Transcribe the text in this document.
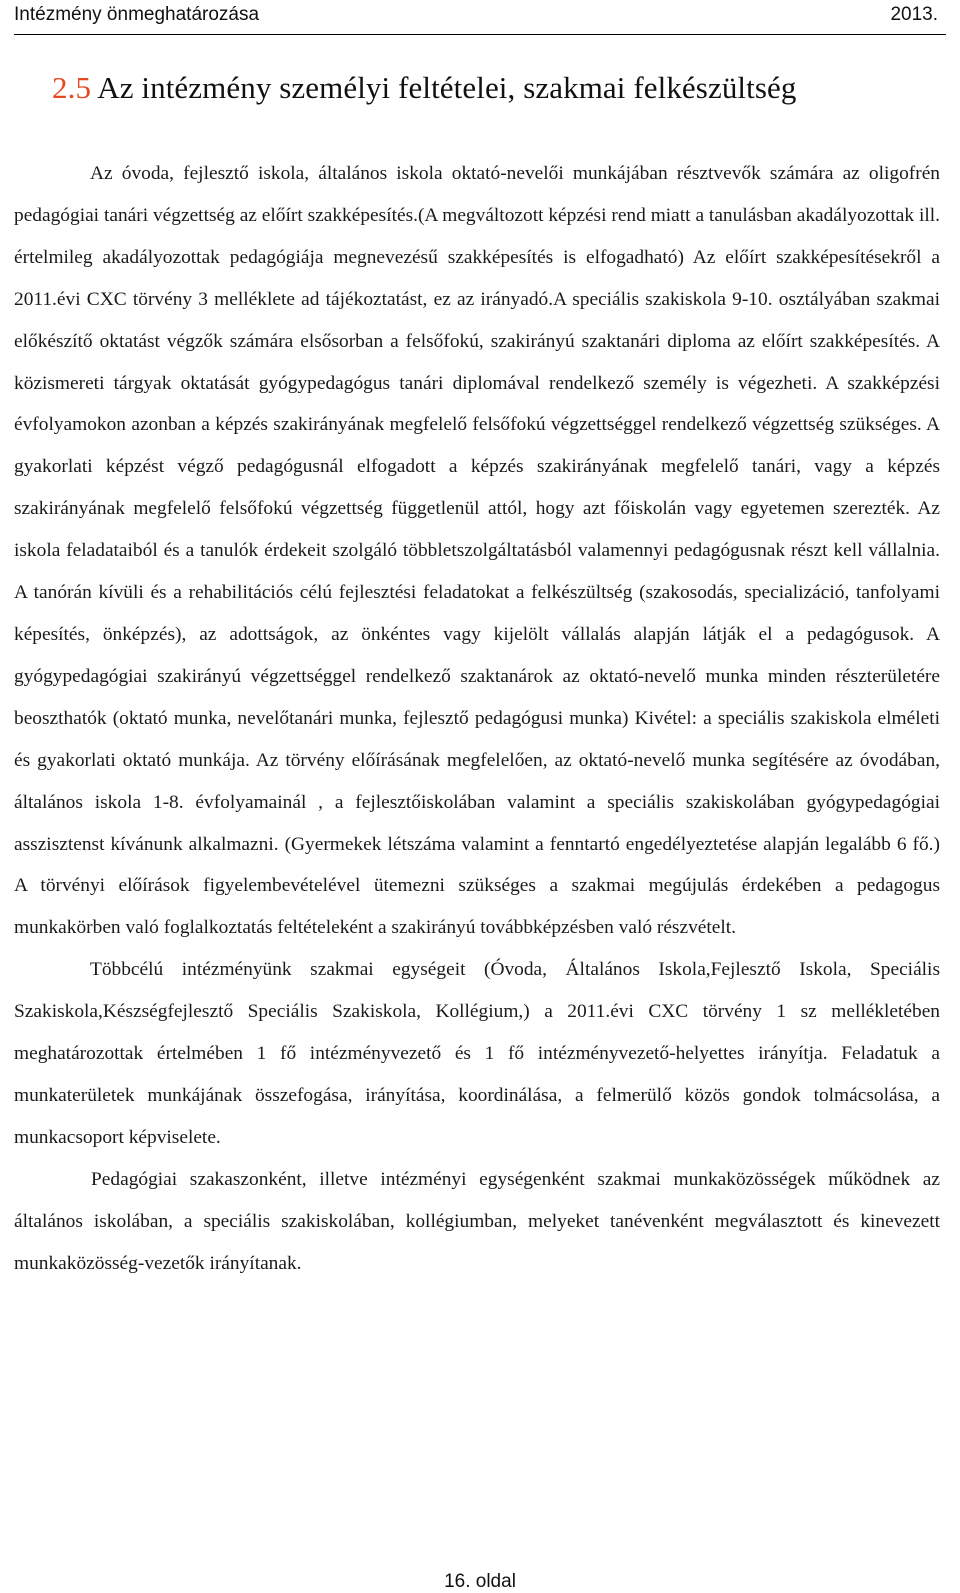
Intézmény önmeghatározása	2013.
2.5 Az intézmény személyi feltételei, szakmai felkészültség

Az óvoda, fejlesztő iskola, általános iskola oktató-nevelői munkájában résztvevők számára az oligofrén pedagógiai tanári végzettség az előírt szakképesítés.(A megváltozott képzési rend miatt a tanulásban akadályozottak ill. értelmileg akadályozottak pedagógiája megnevezésű szakképesítés is elfogadható) Az előírt szakképesítésekről a 2011.évi CXC törvény 3 melléklete ad tájékoztatást, ez az irányadó.A speciális szakiskola 9-10. osztályában szakmai előkészítő oktatást végzők számára elsősorban a felsőfokú, szakirányú szaktanári diploma az előírt szakképesítés. A közismereti tárgyak oktatását gyógypedagógus tanári diplomával rendelkező személy is végezheti. A szakképzési évfolyamokon azonban a képzés szakirányának megfelelő felsőfokú végzettséggel rendelkező végzettség szükséges. A gyakorlati képzést végző pedagógusnál elfogadott a képzés szakirányának megfelelő tanári, vagy a képzés szakirányának megfelelő felsőfokú végzettség függetlenül attól, hogy azt főiskolán vagy egyetemen szerezték. Az iskola feladataiból és a tanulók érdekeit szolgáló többletszolgáltatásból valamennyi pedagógusnak részt kell vállalnia. A tanórán kívüli és a rehabilitációs célú fejlesztési feladatokat a felkészültség (szakosodás, specializáció, tanfolyami képesítés, önképzés), az adottságok, az önkéntes vagy kijelölt vállalás alapján látják el a pedagógusok. A gyógypedagógiai szakirányú végzettséggel rendelkező szaktanárok az oktató-nevelő munka minden részterületére beoszthatók (oktató munka, nevelőtanári munka, fejlesztő pedagógusi munka) Kivétel: a speciális szakiskola elméleti és gyakorlati oktató munkája. Az törvény előírásának megfelelően, az oktató-nevelő munka segítésére az óvodában, általános iskola 1-8. évfolyamainál , a fejlesztőiskolában valamint a speciális szakiskolában gyógypedagógiai asszisztenst kívánunk alkalmazni. (Gyermekek létszáma valamint a fenntartó engedélyeztetése alapján legalább 6 fő.) A törvényi előírások figyelembevételével ütemezni szükséges a szakmai megújulás érdekében a pedagogus munkakörben való foglalkoztatás feltételeként a szakirányú továbbképzésben való részvételt.

Többcélú intézményünk szakmai egységeit (Óvoda, Általános Iskola,Fejlesztő Iskola, Speciális Szakiskola,Készségfejlesztő Speciális Szakiskola, Kollégium,) a 2011.évi CXC törvény 1 sz mellékletében meghatározottak értelmében 1 fő intézményvezető és 1 fő intézményvezető-helyettes irányítja. Feladatuk a munkaterületek munkájának összefogása, irányítása, koordinálása, a felmerülő közös gondok tolmácsolása, a munkacsoport képviselete.

Pedagógiai szakaszonként, illetve intézményi egységenként szakmai munkaközösségek működnek az általános iskolában, a speciális szakiskolában, kollégiumban, melyeket tanévenként megválasztott és kinevezett munkaközösség-vezetők irányítanak.

16. oldal
